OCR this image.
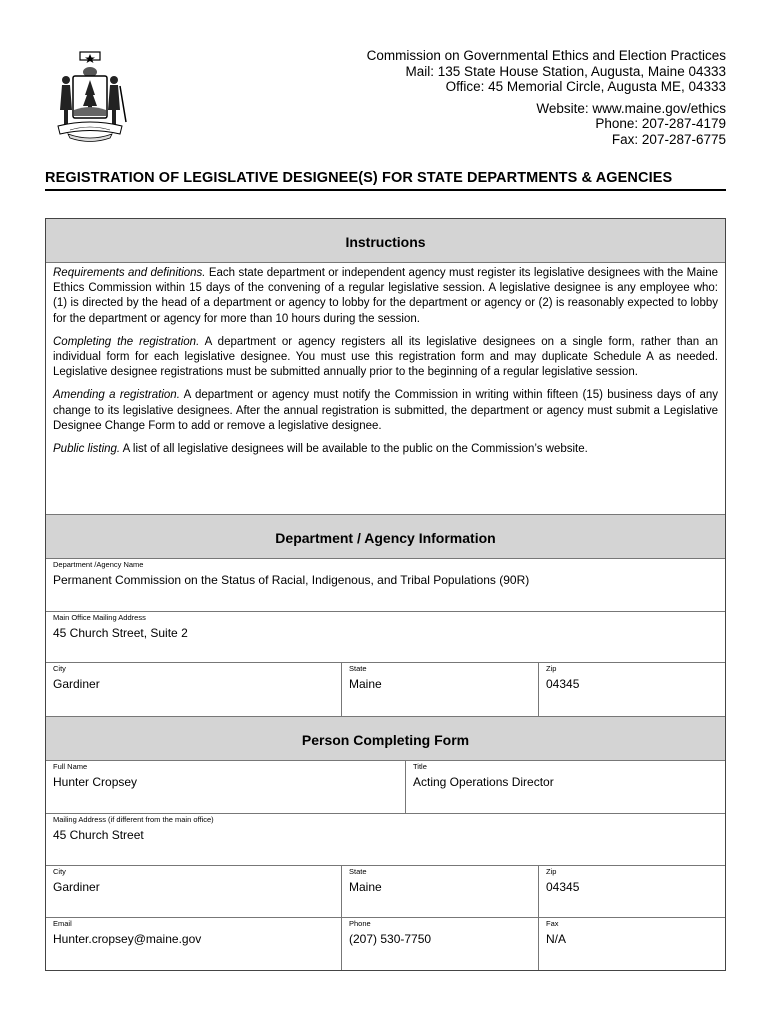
Commission on Governmental Ethics and Election Practices
Mail: 135 State House Station, Augusta, Maine 04333
Office: 45 Memorial Circle, Augusta ME, 04333
Website: www.maine.gov/ethics
Phone: 207-287-4179
Fax: 207-287-6775
REGISTRATION OF LEGISLATIVE DESIGNEE(S) FOR STATE DEPARTMENTS & AGENCIES
Instructions

Requirements and definitions. Each state department or independent agency must register its legislative designees with the Maine Ethics Commission within 15 days of the convening of a regular legislative session. A legislative designee is any employee who: (1) is directed by the head of a department or agency to lobby for the department or agency or (2) is reasonably expected to lobby for the department or agency for more than 10 hours during the session.

Completing the registration. A department or agency registers all its legislative designees on a single form, rather than an individual form for each legislative designee. You must use this registration form and may duplicate Schedule A as needed. Legislative designee registrations must be submitted annually prior to the beginning of a regular legislative session.

Amending a registration. A department or agency must notify the Commission in writing within fifteen (15) business days of any change to its legislative designees. After the annual registration is submitted, the department or agency must submit a Legislative Designee Change Form to add or remove a legislative designee.

Public listing. A list of all legislative designees will be available to the public on the Commission’s website.

Department / Agency Information
Department /Agency Name
Permanent Commission on the Status of Racial, Indigenous, and Tribal Populations (90R)
Main Office Mailing Address
45 Church Street, Suite 2
City
Gardiner
State
Maine
Zip
04345
Person Completing Form
Full Name
Hunter Cropsey
Title
Acting Operations Director
Mailing Address (if different from the main office)
45 Church Street
City
Gardiner
State
Maine
Zip
04345
Email
Hunter.cropsey@maine.gov
Phone
(207) 530-7750
Fax
N/A
